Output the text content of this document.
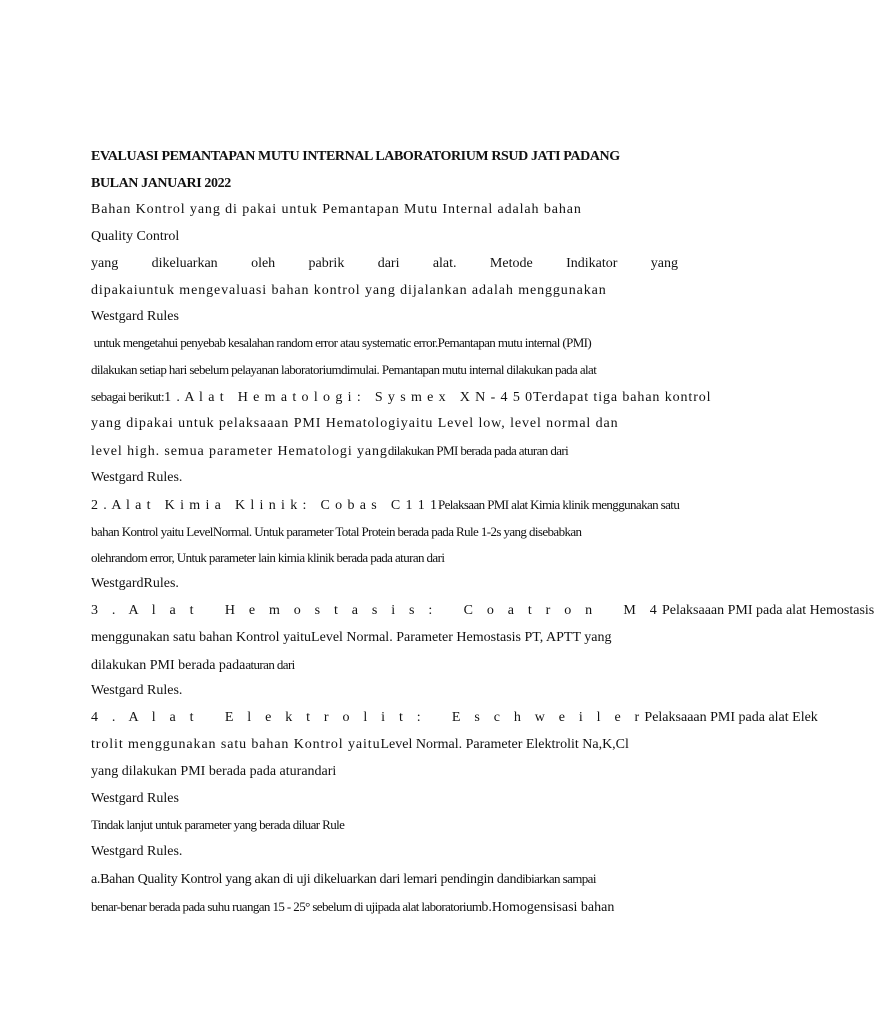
EVALUASI PEMANTAPAN MUTU INTERNAL LABORATORIUM RSUD JATI PADANG
BULAN JANUARI 2022
Bahan Kontrol yang di pakai untuk Pemantapan Mutu Internal adalah bahan
Quality Control
yang dikeluarkan oleh pabrik dari alat. Metode Indikator yang
dipakaiuntuk mengevaluasi bahan kontrol yang dijalankan adalah menggunakan
Westgard Rules
untuk mengetahui penyebab kesalahan random error atau systematic error.Pemantapan mutu internal (PMI)
dilakukan setiap hari sebelum pelayanan laboratoriumdimulai. Pemantapan mutu internal dilakukan pada alat
sebagai berikut:1 . A l a t   H e m a t o l o g i :   S y s m e x   X N - 4 5 0Terdapat tiga bahan kontrol
yang dipakai untuk pelaksaaan PMI Hematologiyaitu Level low, level normal dan
level high. semua parameter Hematologi yangdilakukan PMI berada pada aturan dari
Westgard Rules.
2 . A l a t   K i m i a   K l i n i k :   C o b a s   C 1 1 1Pelaksaan PMI alat Kimia klinik menggunakan satu
bahan Kontrol yaitu LevelNormal. Untuk parameter Total Protein berada pada Rule 1-2s yang disebabkan
olehrandom error, Untuk parameter lain kimia klinik berada pada aturan dari
WestgardRules.
3 . A l a t   H e m o s t a s i s :   C o a t r o n   M 4Pelaksaaan PMI pada alat Hemostasis
menggunakan satu bahan Kontrol yaituLevel Normal. Parameter Hemostasis PT, APTT yang
dilakukan PMI berada padaaturan dari
Westgard Rules.
4 . A l a t   E l e k t r o l i t :   E s c h w e i l e rPelaksaaan PMI pada alat Elek
trolit menggunakan satu bahan Kontrol yaituLevel Normal. Parameter Elektrolit Na,K,Cl
yang dilakukan PMI berada pada aturandari
Westgard Rules
Tindak lanjut untuk parameter yang berada diluar Rule
Westgard Rules.
a.Bahan Quality Kontrol yang akan di uji dikeluarkan dari lemari pendingin dandibiarkan sampai
benar-benar berada pada suhu ruangan 15 - 25° sebelum di ujipada alat laboratoriumb.Homogensisasi bahan
